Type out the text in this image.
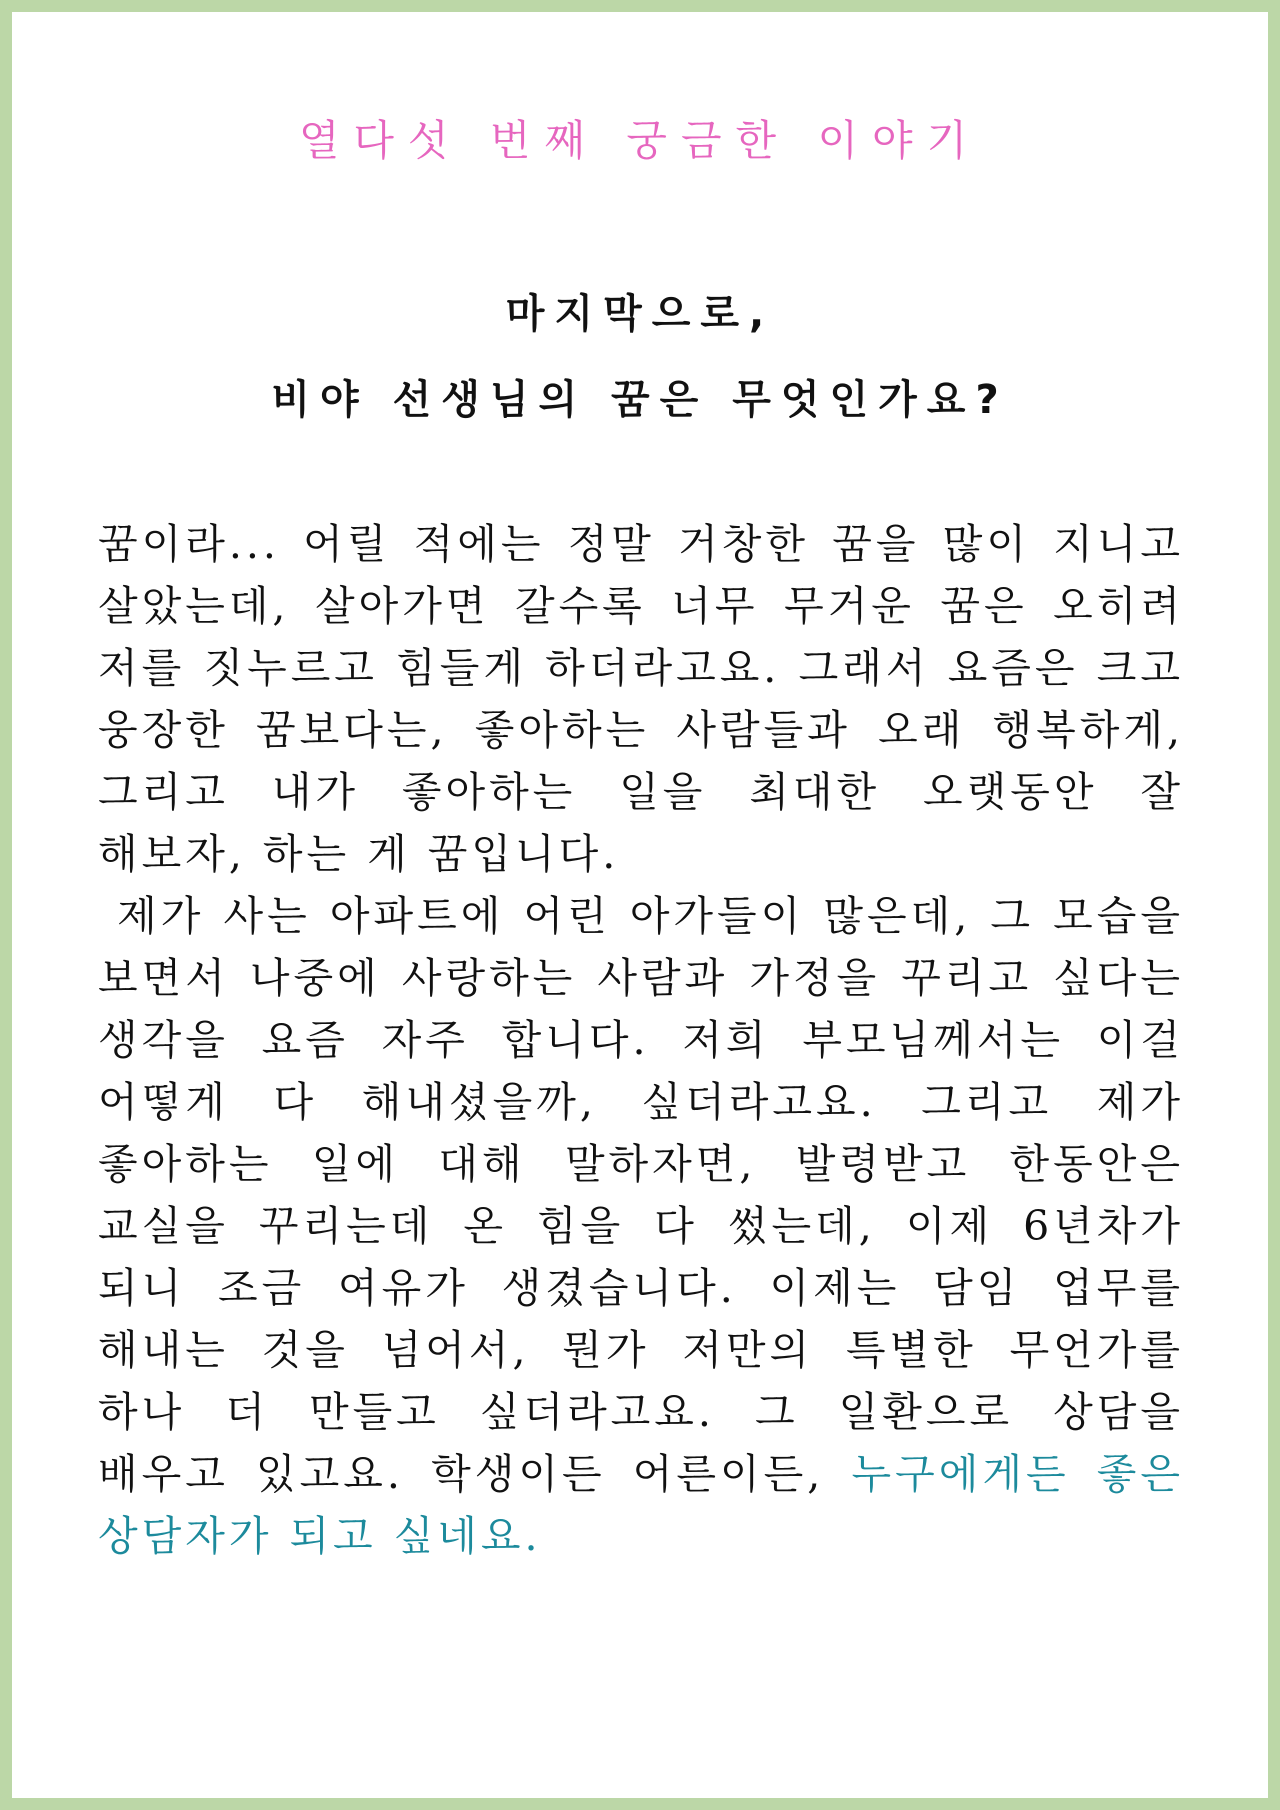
열다섯 번째 궁금한 이야기
마지막으로,
비야 선생님의 꿈은 무엇인가요?

꿈이라... 어릴 적에는 정말 거창한 꿈을 많이 지니고 살았는데, 살아가면 갈수록 너무 무거운 꿈은 오히려 저를 짓누르고 힘들게 하더라고요. 그래서 요즘은 크고 웅장한 꿈보다는, 좋아하는 사람들과 오래 행복하게, 그리고 내가 좋아하는 일을 최대한 오랫동안 잘 해보자, 하는 게 꿈입니다.

제가 사는 아파트에 어린 아가들이 많은데, 그 모습을 보면서 나중에 사랑하는 사람과 가정을 꾸리고 싶다는 생각을 요즘 자주 합니다. 저희 부모님께서는 이걸 어떻게 다 해내셨을까, 싶더라고요. 그리고 제가 좋아하는 일에 대해 말하자면, 발령받고 한동안은 교실을 꾸리는데 온 힘을 다 썼는데, 이제 6년차가 되니 조금 여유가 생겼습니다. 이제는 담임 업무를 해내는 것을 넘어서, 뭔가 저만의 특별한 무언가를 하나 더 만들고 싶더라고요. 그 일환으로 상담을 배우고 있고요. 학생이든 어른이든, 누구에게든 좋은 상담자가 되고 싶네요.
